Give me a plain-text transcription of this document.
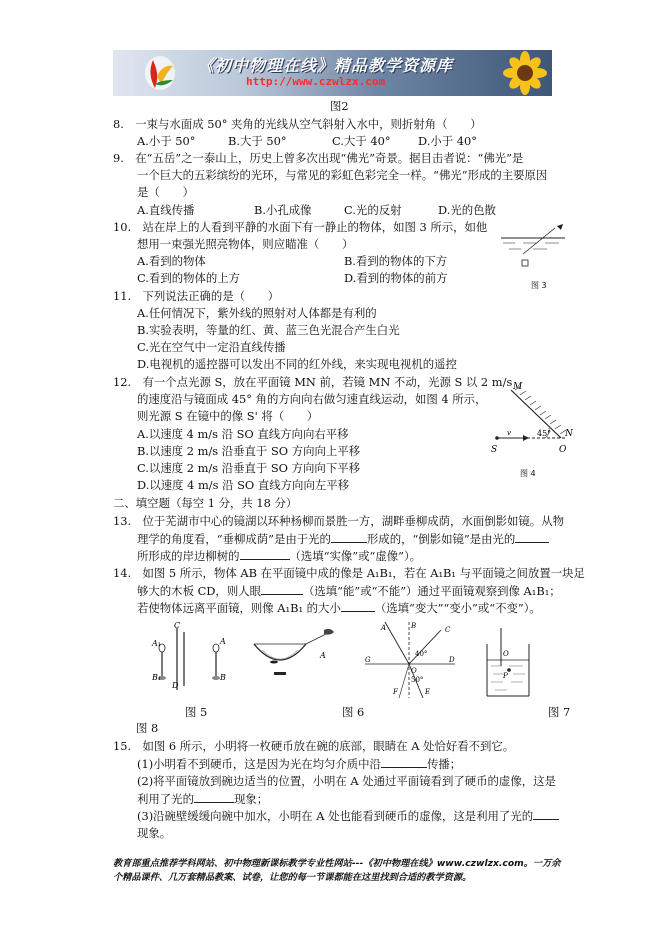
《初中物理在线》精品教学资源库
http://www.czwlzx.com
图2
8.　一束与水面成 50° 夹角的光线从空气斜射入水中，则折射角（　　）
A.小于 50°	B.大于 50°	C.大于 40° D.小于 40°
9.　在“五岳”之一泰山上，历史上曾多次出现“佛光”奇景。据目击者说：“佛光”是
一个巨大的五彩缤纷的光环，与常见的彩虹色彩完全一样。“佛光”形成的主要原因
是（　　）
A.直线传播	B.小孔成像	C.光的反射	D.光的色散
10.　站在岸上的人看到平静的水面下有一静止的物体，如图 3 所示，如他
想用一束强光照亮物体，则应瞄准（　　）
A.看到的物体	B.看到的物体的下方
C.看到的物体的上方	D.看到的物体的前方
图 3
11.　下列说法正确的是（　　）
A.任何情况下，紫外线的照射对人体都是有利的
B.实验表明，等量的红、黄、蓝三色光混合产生白光
C.光在空气中一定沿直线传播
D.电视机的遥控器可以发出不同的红外线，来实现电视机的遥控
12.　有一个点光源 S，放在平面镜 MN 前，若镜 MN 不动，光源 S 以 2 m/s
的速度沿与镜面成 45° 角的方向向右做匀速直线运动，如图 4 所示，
则光源 S 在镜中的像 S' 将（　　）
A.以速度 4 m/s 沿 SO 直线方向向右平移
B.以速度 2 m/s 沿垂直于 SO 方向向上平移
C.以速度 2 m/s 沿垂直于 SO 方向向下平移
D.以速度 4 m/s 沿 SO 直线方向向左平移
M
N
S	O
v	45°
图 4
二、填空题（每空 1 分，共 18 分）
13.　位于芜湖市中心的镜湖以环种杨柳而景胜一方，湖畔垂柳成荫，水面倒影如镜。从物
理学的角度看，“垂柳成荫”是由于光的	形成的，“倒影如镜”是由光的
所形成的岸边柳树的	（选填“实像”或“虚像”）。
14.　如图 5 所示，物体 AB 在平面镜中成的像是 A₁B₁，若在 A₁B₁ 与平面镜之间放置一块足
够大的木板 CD，则人眼	（选填“能”或“不能”）通过平面镜观察到像 A₁B₁；
若使物体远离平面镜，则像 A₁B₁ 的大小	（选填“变大”“变小”或“不变”）。
A₁
B₁
C
D
A
B
A
A	B	C
D
E
F
G
O
40°
50°
O
P
图 5	图 6	图 7
图 8
15.　如图 6 所示，小明将一枚硬币放在碗的底部，眼睛在 A 处恰好看不到它。
(1)小明看不到硬币，这是因为光在均匀介质中沿	传播；
(2)将平面镜放到碗边适当的位置，小明在 A 处通过平面镜看到了硬币的虚像，这是
利用了光的	现象；
(3)沿碗壁缓缓向碗中加水，小明在 A 处也能看到硬币的虚像，这是利用了光的
现象。
教育部重点推荐学科网站、初中物理新课标教学专业性网站---《初中物理在线》www.czwlzx.com。一万余
个精品课件、几万套精品教案、试卷，让您的每一节课都能在这里找到合适的教学资源。
